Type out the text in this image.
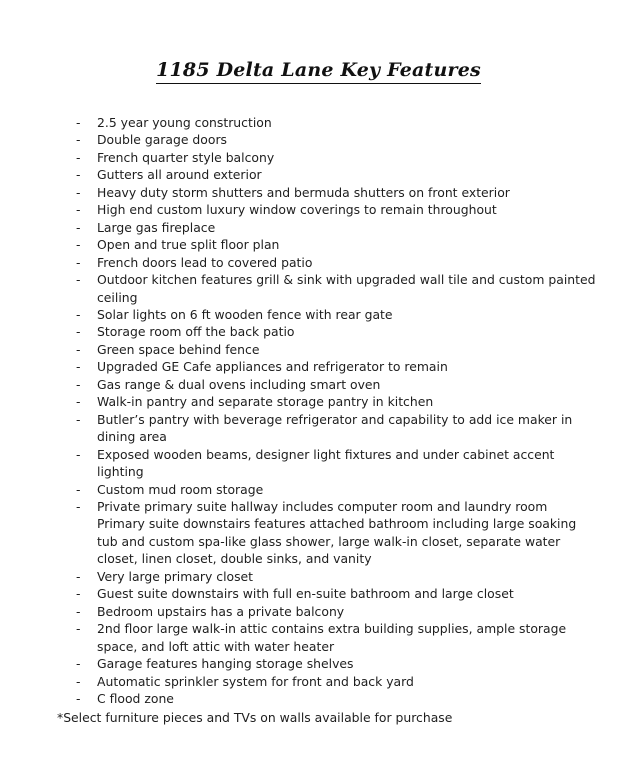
1185 Delta Lane Key Features
-	2.5 year young construction
-	Double garage doors
-	French quarter style balcony
-	Gutters all around exterior
-	Heavy duty storm shutters and bermuda shutters on front exterior
-	High end custom luxury window coverings to remain throughout
-	Large gas fireplace
-	Open and true split floor plan
-	French doors lead to covered patio
-	Outdoor kitchen features grill & sink with upgraded wall tile and custom painted ceiling
-	Solar lights on 6 ft wooden fence with rear gate
-	Storage room off the back patio
-	Green space behind fence
-	Upgraded GE Cafe appliances and refrigerator to remain
-	Gas range & dual ovens including smart oven
-	Walk-in pantry and separate storage pantry in kitchen
-	Butler’s pantry with beverage refrigerator and capability to add ice maker in dining area
-	Exposed wooden beams, designer light fixtures and under cabinet accent lighting
-	Custom mud room storage
-	Private primary suite hallway includes computer room and laundry room Primary suite downstairs features attached bathroom including large soaking tub and custom spa-like glass shower, large walk-in closet, separate water closet, linen closet, double sinks, and vanity
-	Very large primary closet
-	Guest suite downstairs with full en-suite bathroom and large closet
-	Bedroom upstairs has a private balcony
-	2nd floor large walk-in attic contains extra building supplies, ample storage space, and loft attic with water heater
-	Garage features hanging storage shelves
-	Automatic sprinkler system for front and back yard
-	C flood zone
*Select furniture pieces and TVs on walls available for purchase
